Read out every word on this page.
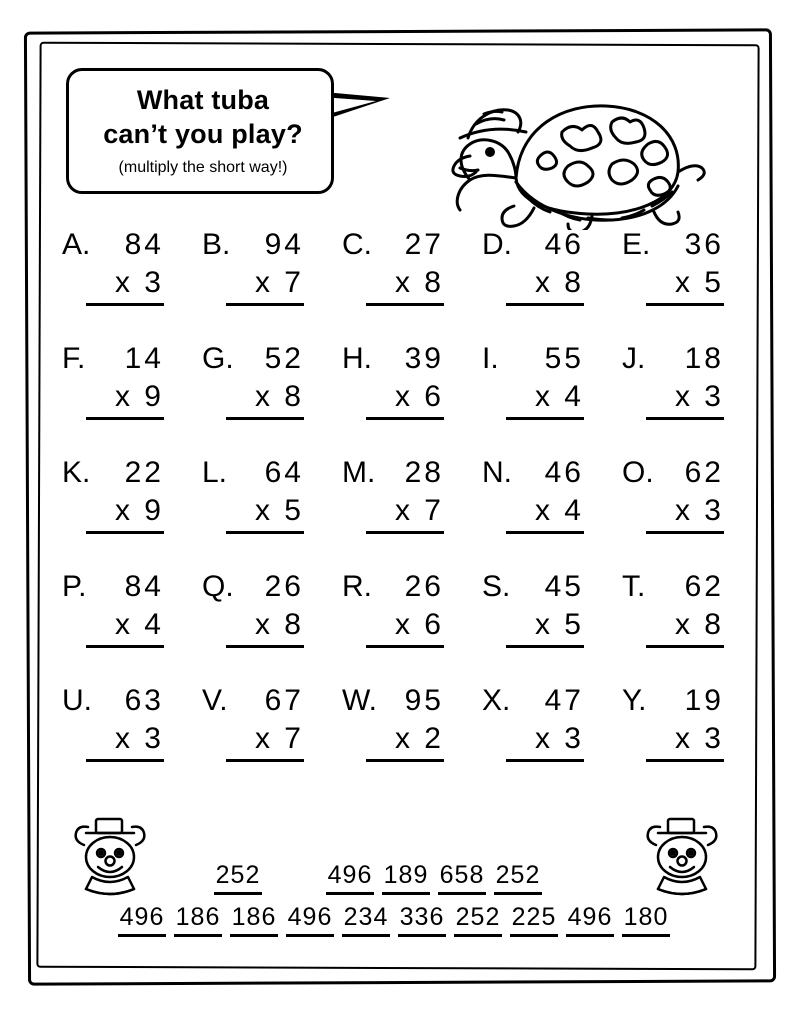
What tuba
can’t you play?
(multiply the short way!)
A.	84
x 3
B.	94
x 7
C.	27
x 8
D.	46
x 8
E.	36
x 5
F.	14
x 9
G.	52
x 8
H.	39
x 6
I.	55
x 4
J.	18
x 3
K.	22
x 9
L.	64
x 5
M. 28
x 7
N.	46
x 4
O.	62
x 3
P.	84
x 4
Q.	26
x 8
R.	26
x 6
S.	45
x 5
T.	62
x 8
U.	63
x 3
V.	67
x 7
W. 95
x 2
X.	47
x 3
Y.	19
x 3
252	496 189 658 252
496 186 186 496 234 336 252 225 496 180
